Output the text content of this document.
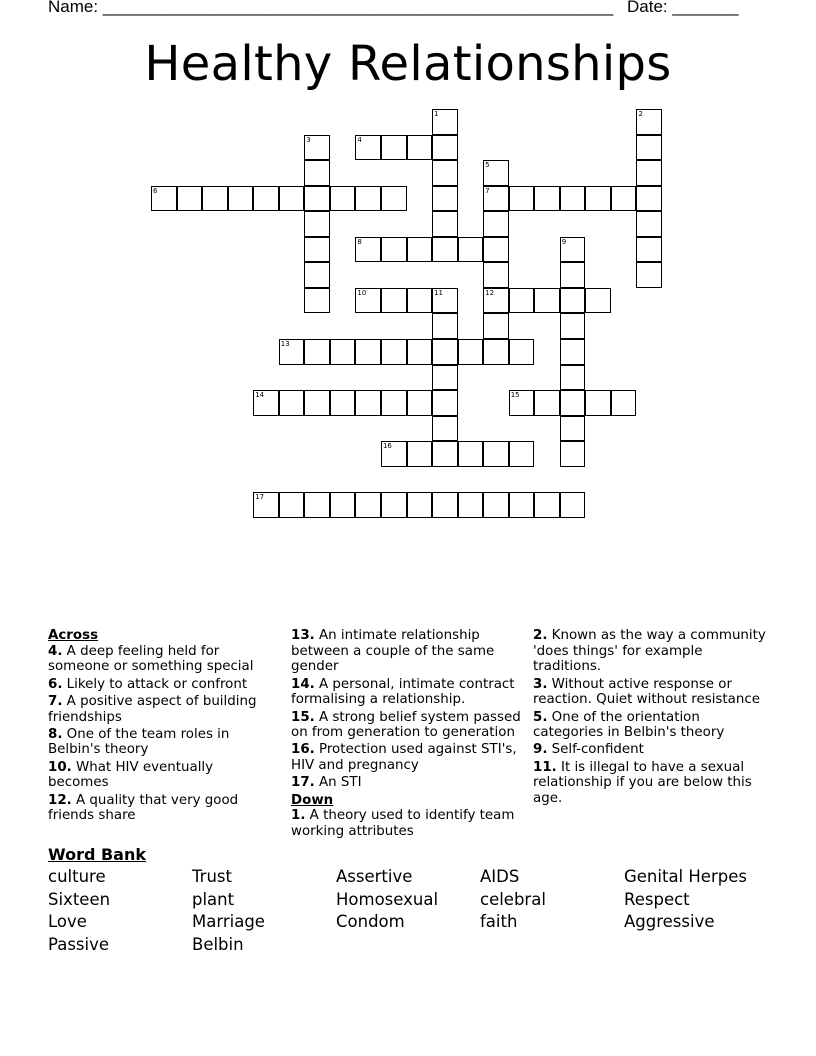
Name: ______________________________________________________ Date: _______
Healthy Relationships
1	2
3	4
5
7
12
6
8	9
10	11
13
14	15
16
17
Across
4. A deep feeling held for someone or something special
6. Likely to attack or confront
7. A positive aspect of building friendships
8. One of the team roles in Belbin's theory
10. What HIV eventually becomes
12. A quality that very good friends share
13. An intimate relationship between a couple of the same gender
14. A personal, intimate contract formalising a relationship.
15. A strong belief system passed on from generation to generation
16. Protection used against STI's, HIV and pregnancy
17. An STI
Down
1. A theory used to identify team working attributes
2. Known as the way a community 'does things' for example traditions.
3. Without active response or reaction. Quiet without resistance
5. One of the orientation categories in Belbin's theory
9. Self-confident
11. It is illegal to have a sexual relationship if you are below this age.
Word Bank
culture	Trust	Assertive	AIDS	Genital Herpes
Sixteen	plant	Homosexual	celebral	Respect
Love	Marriage	Condom	faith	Aggressive
Passive	Belbin
